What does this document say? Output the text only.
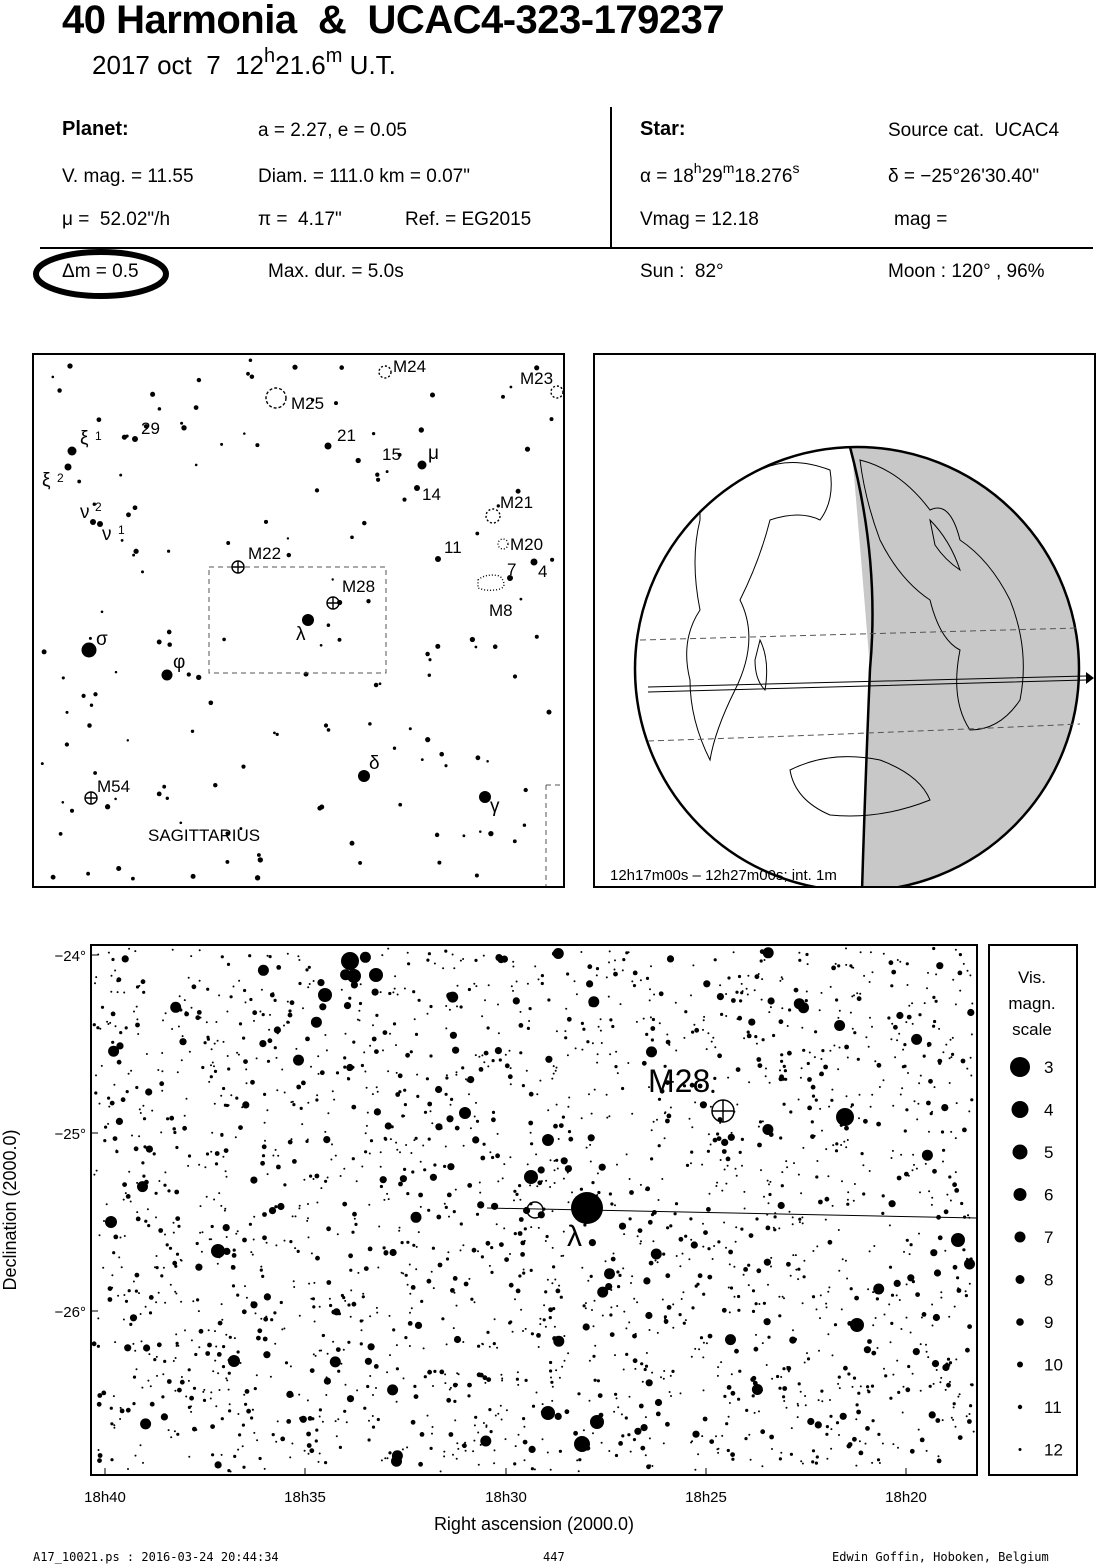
40 Harmonia  &  UCAC4-323-179237
2017 oct  7  12$^h$21.6$^m$ U.T.
Planet:	a = 2.27, e = 0.05
V. mag. = 11.55	Diam. = 111.0 km = 0.07"
μ =  52.02"/h	π =  4.17"	Ref. = EG2015
Star:	Source cat.  UCAC4
$\alpha = 18^h29^m18.276^s$	δ = −25°26'30.40"
Vmag = 12.18	mag =
Δm = 0.5	Max. dur. = 5.0s	Sun :  82°	Moon : 120° , 96%
M24
M25
M23
29	21
15 μ
14	M21
M20
11
7 4
M8
M22
M28
λ
σ
φ
δ
γ
M54
ξ 1
ξ 2
ν 2
ν 1
SAGITTARIUS
12h17m00s – 12h27m00s; int. 1m
M28
λ
−24°
−25°
−26°
18h40	18h35	18h30	18h25	18h20
Right ascension (2000.0)
Declination (2000.0)
Vis.
magn.
scale
3
4
5
6
7
8
9
10
11
12
A17_10021.ps : 2016-03-24 20:44:34	447	Edwin Goffin, Hoboken, Belgium
